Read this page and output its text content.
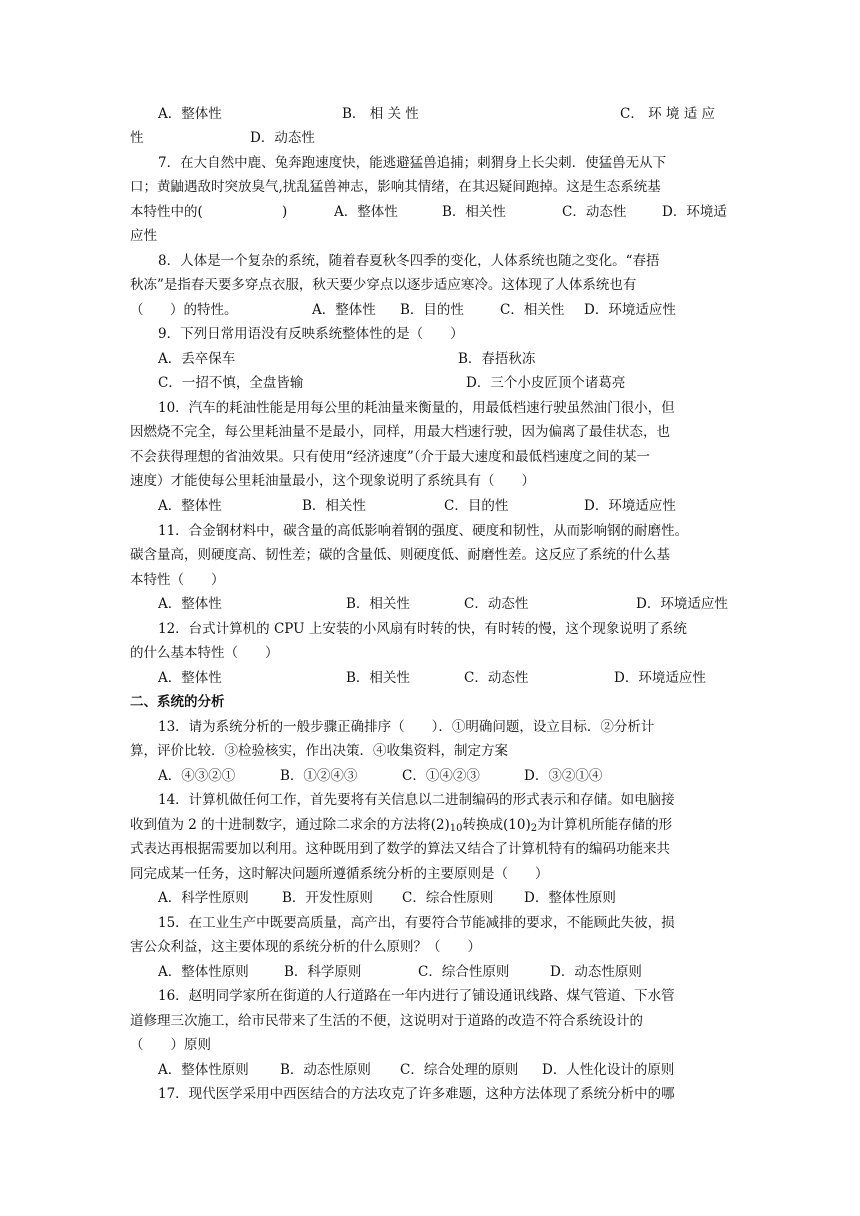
A．整体性	B． 相 关 性	C． 环 境 适 应
性	D．动态性
7．在大自然中鹿、兔奔跑速度快，能逃避猛兽追捕；刺猬身上长尖刺．使猛兽无从下
口；黄鼬遇敌时突放臭气,扰乱猛兽神志，影响其情绪，在其迟疑间跑掉。这是生态系统基
本特性中的(	)	A．整体性	B．相关性	C．动态性	D．环境适
应性
8．人体是一个复杂的系统，随着春夏秋冬四季的变化，人体系统也随之变化。“春捂
秋冻”是指春天要多穿点衣服，秋天要少穿点以逐步适应寒冷。这体现了人体系统也有
（ ）的特性。	A．整体性 B．目的性	C．相关性 D．环境适应性
9．下列日常用语没有反映系统整体性的是（　　）
A．丢卒保车	B．春捂秋冻
C．一招不慎，全盘皆输	D．三个小皮匠顶个诸葛亮
10．汽车的耗油性能是用每公里的耗油量来衡量的，用最低档速行驶虽然油门很小，但
因燃烧不完全，每公里耗油量不是最小，同样，用最大档速行驶，因为偏离了最佳状态，也
不会获得理想的省油效果。只有使用“经济速度”（介于最大速度和最低档速度之间的某一
速度）才能使每公里耗油量最小，这个现象说明了系统具有（　　）
A．整体性	B．相关性	C．目的性	D．环境适应性
11．合金钢材料中，碳含量的高低影响着钢的强度、硬度和韧性，从而影响钢的耐磨性。
碳含量高，则硬度高、韧性差；碳的含量低、则硬度低、耐磨性差。这反应了系统的什么基
本特性（　　）
A．整体性	B．相关性	C．动态性	D．环境适应性
12．台式计算机的 CPU 上安装的小风扇有时转的快，有时转的慢，这个现象说明了系统
的什么基本特性（　　）
A．整体性	B．相关性	C．动态性	D．环境适应性
二、系统的分析
13．请为系统分析的一般步骤正确排序（　　）．①明确问题，设立目标．②分析计
算，评价比较．③检验核实，作出决策．④收集资料，制定方案
A．④③②①	B．①②④③	C．①④②③	D．③②①④
14．计算机做任何工作，首先要将有关信息以二进制编码的形式表示和存储。如电脑接
收到值为 2 的十进制数字，通过除二求余的方法将$(2)_{10}$转换成$(10)_2$为计算机所能存储的形
式表达再根据需要加以利用。这种既用到了数学的算法又结合了计算机特有的编码功能来共
同完成某一任务，这时解决问题所遵循系统分析的主要原则是（　　）
A．科学性原则 B．开发性原则 C．综合性原则 D．整体性原则
15．在工业生产中既要高质量，高产出，有要符合节能减排的要求，不能顾此失彼，损
害公众利益，这主要体现的系统分析的什么原则？（　　）
A．整体性原则	B．科学原则	C．综合性原则	D．动态性原则
16．赵明同学家所在街道的人行道路在一年内进行了铺设通讯线路、煤气管道、下水管
道修理三次施工，给市民带来了生活的不便，这说明对于道路的改造不符合系统设计的
（　　）原则
A．整体性原则 B．动态性原则 C．综合处理的原则 D．人性化设计的原则
17．现代医学采用中西医结合的方法攻克了许多难题，这种方法体现了系统分析中的哪
